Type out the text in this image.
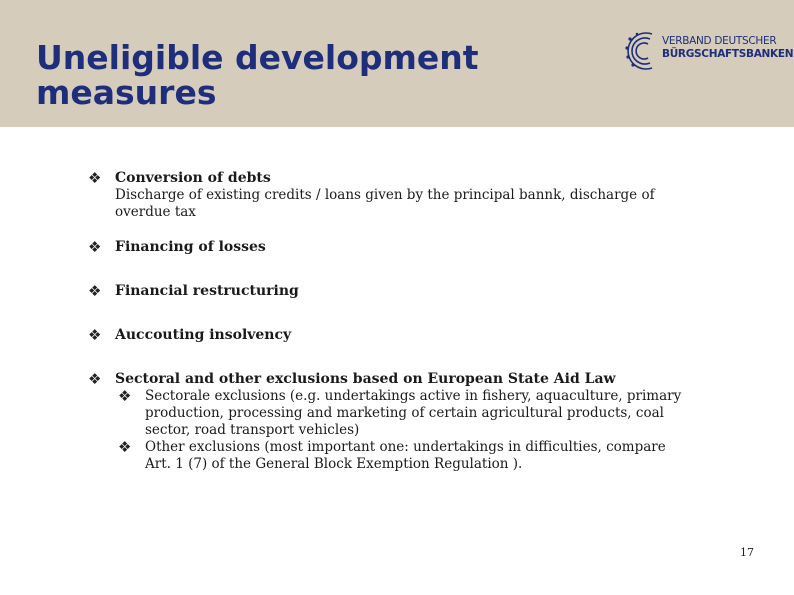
Uneligible development
measures
VERBAND DEUTSCHER
BÜRGSCHAFTSBANKEN
❖ Conversion of debts
Discharge of existing credits / loans given by the principal bannk, discharge of overdue tax
❖ Financing of losses
❖ Financial restructuring
❖ Auccouting insolvency
❖ Sectoral and other exclusions based on European State Aid Law
❖ Sectorale exclusions (e.g. undertakings active in fishery, aquaculture, primary production, processing and marketing of certain agricultural products, coal sector, road transport vehicles)
❖ Other exclusions (most important one: undertakings in difficulties, compare Art. 1 (7) of the General Block Exemption Regulation ).
17
